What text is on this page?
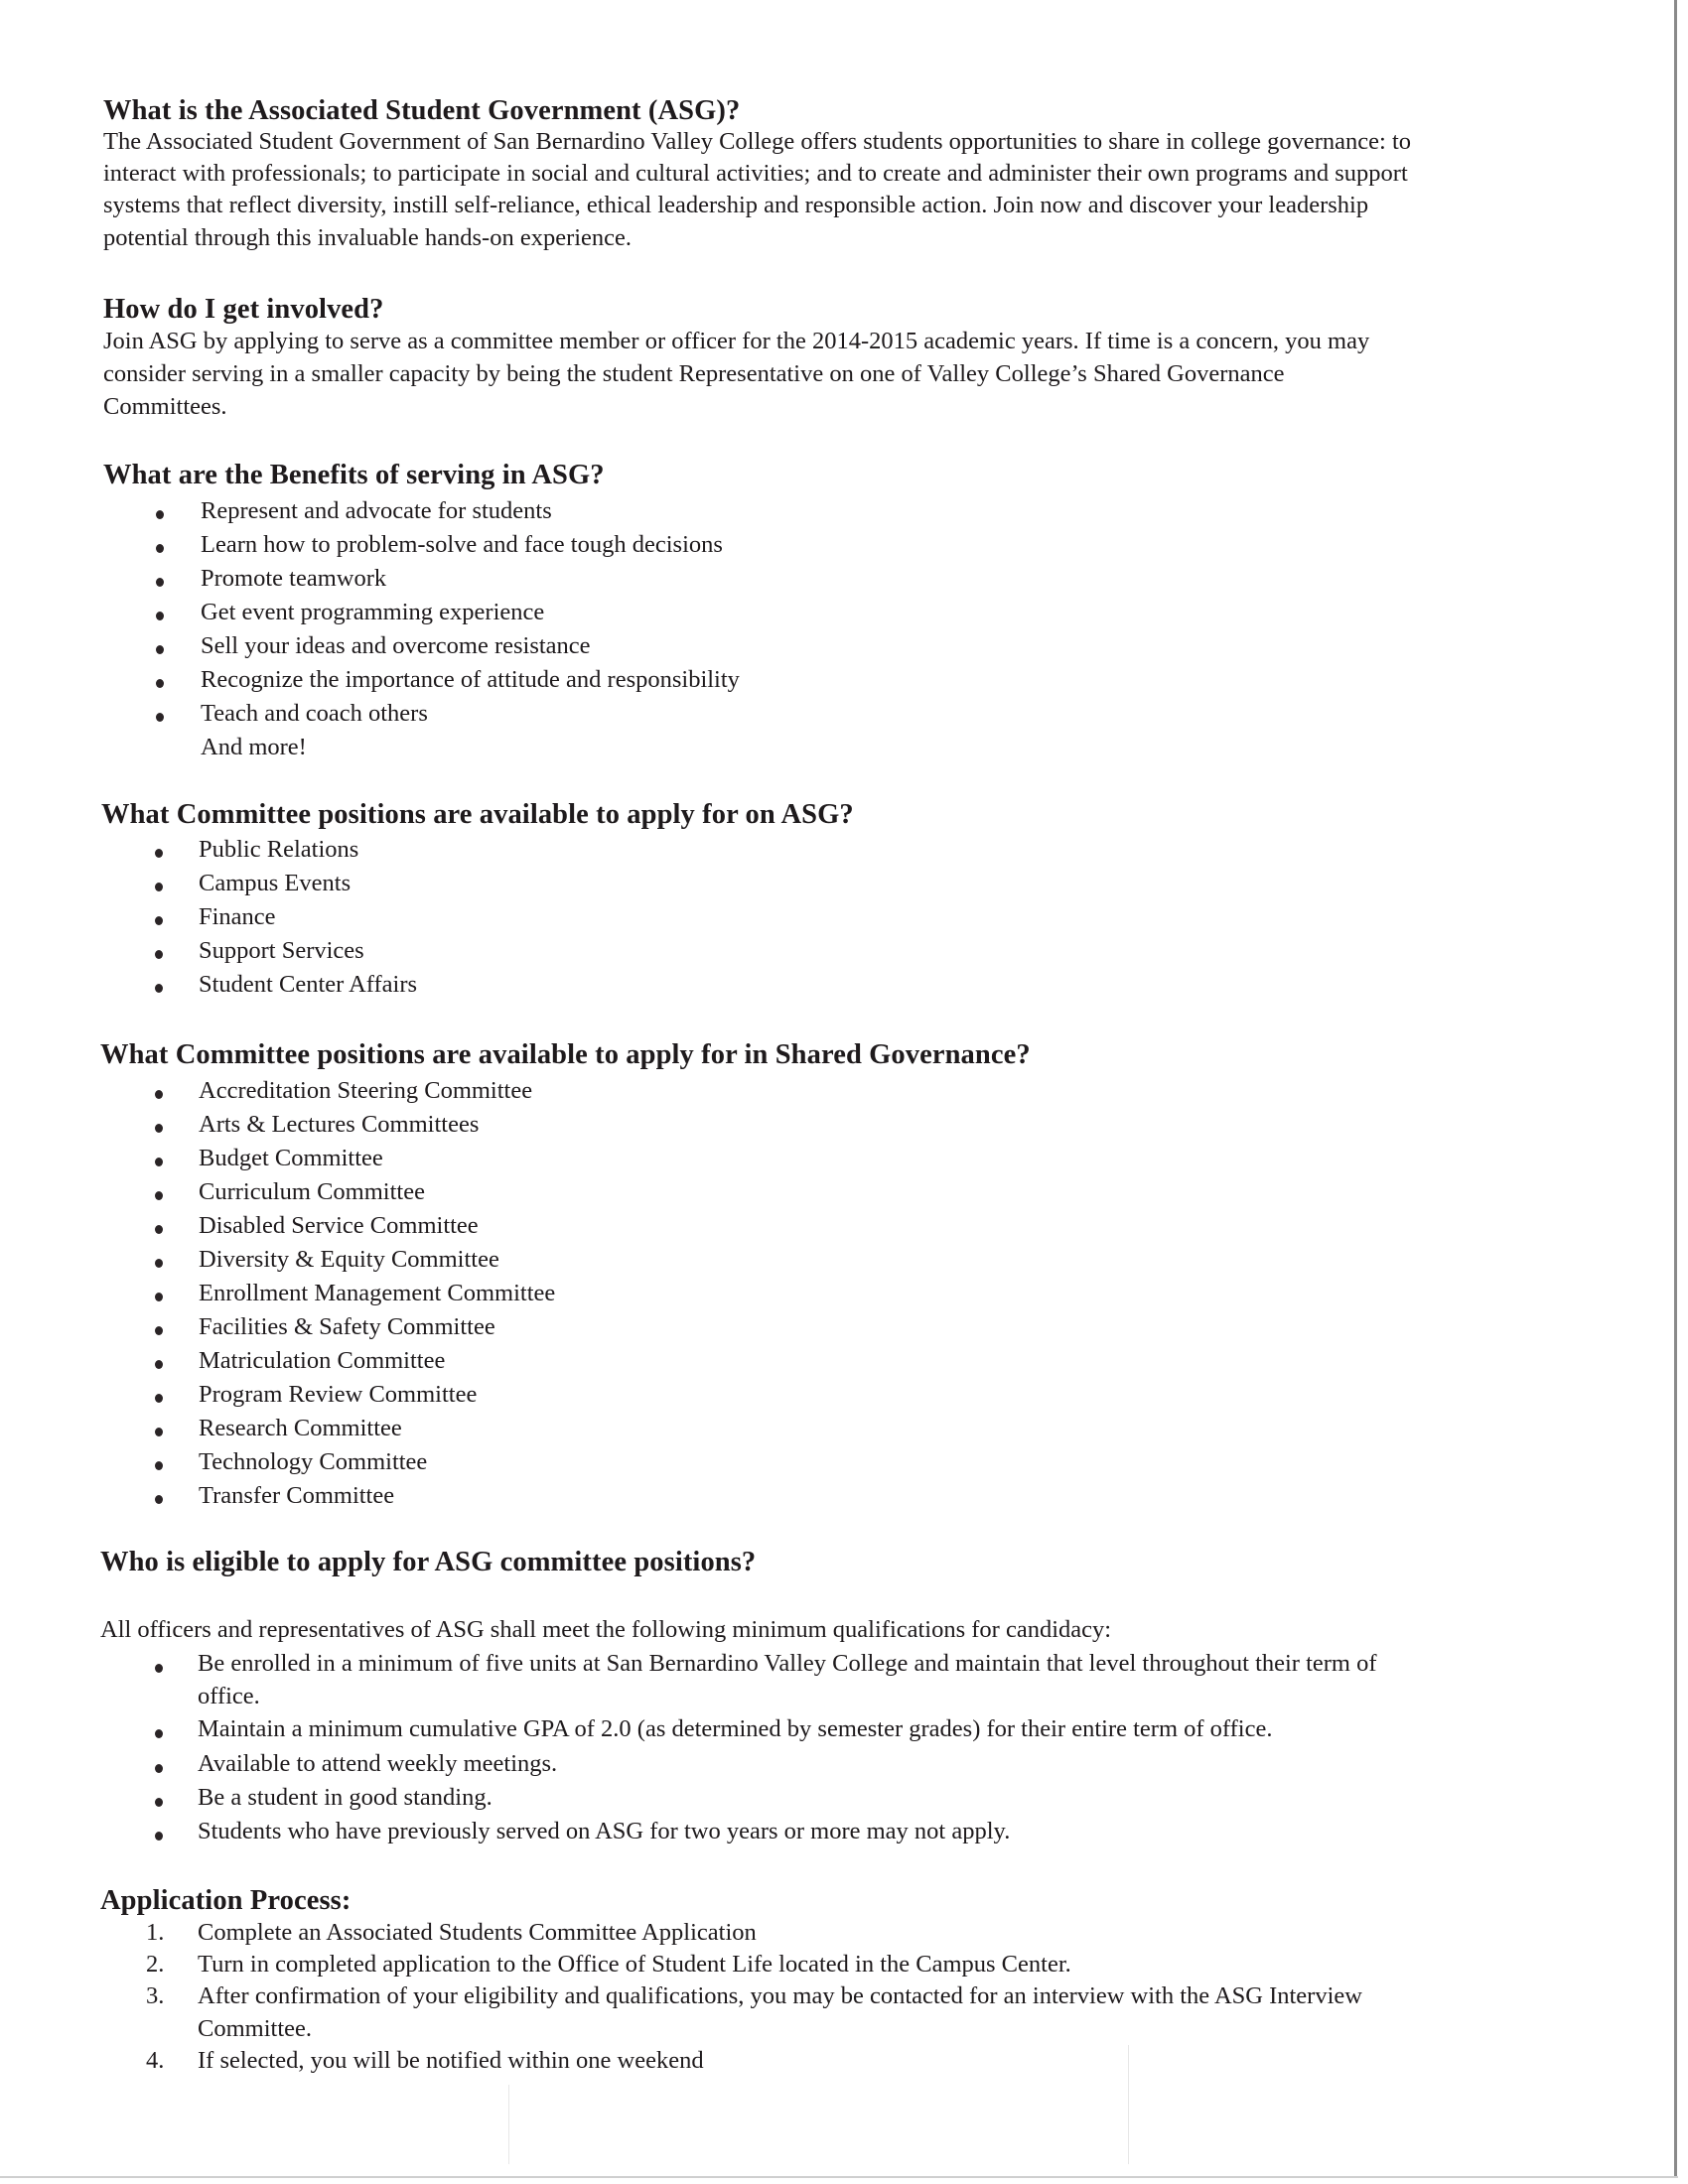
What is the Associated Student Government (ASG)?
The Associated Student Government of San Bernardino Valley College offers students opportunities to share in college governance: to
interact with professionals; to participate in social and cultural activities; and to create and administer their own programs and support
systems that reflect diversity, instill self-reliance, ethical leadership and responsible action. Join now and discover your leadership
potential through this invaluable hands-on experience.
How do I get involved?
Join ASG by applying to serve as a committee member or officer for the 2014-2015 academic years. If time is a concern, you may
consider serving in a smaller capacity by being the student Representative on one of Valley College’s Shared Governance
Committees.
What are the Benefits of serving in ASG?
Represent and advocate for students
Learn how to problem-solve and face tough decisions
Promote teamwork
Get event programming experience
Sell your ideas and overcome resistance
Recognize the importance of attitude and responsibility
Teach and coach others
And more!
What Committee positions are available to apply for on ASG?
Public Relations
Campus Events
Finance
Support Services
Student Center Affairs
What Committee positions are available to apply for in Shared Governance?
Accreditation Steering Committee
Arts & Lectures Committees
Budget Committee
Curriculum Committee
Disabled Service Committee
Diversity & Equity Committee
Enrollment Management Committee
Facilities & Safety Committee
Matriculation Committee
Program Review Committee
Research Committee
Technology Committee
Transfer Committee
Who is eligible to apply for ASG committee positions?
All officers and representatives of ASG shall meet the following minimum qualifications for candidacy:
Be enrolled in a minimum of five units at San Bernardino Valley College and maintain that level throughout their term of
office.
Maintain a minimum cumulative GPA of 2.0 (as determined by semester grades) for their entire term of office.
Available to attend weekly meetings.
Be a student in good standing.
Students who have previously served on ASG for two years or more may not apply.
Application Process:
1. Complete an Associated Students Committee Application
2. Turn in completed application to the Office of Student Life located in the Campus Center.
3. After confirmation of your eligibility and qualifications, you may be contacted for an interview with the ASG Interview
Committee.
4. If selected, you will be notified within one weekend
